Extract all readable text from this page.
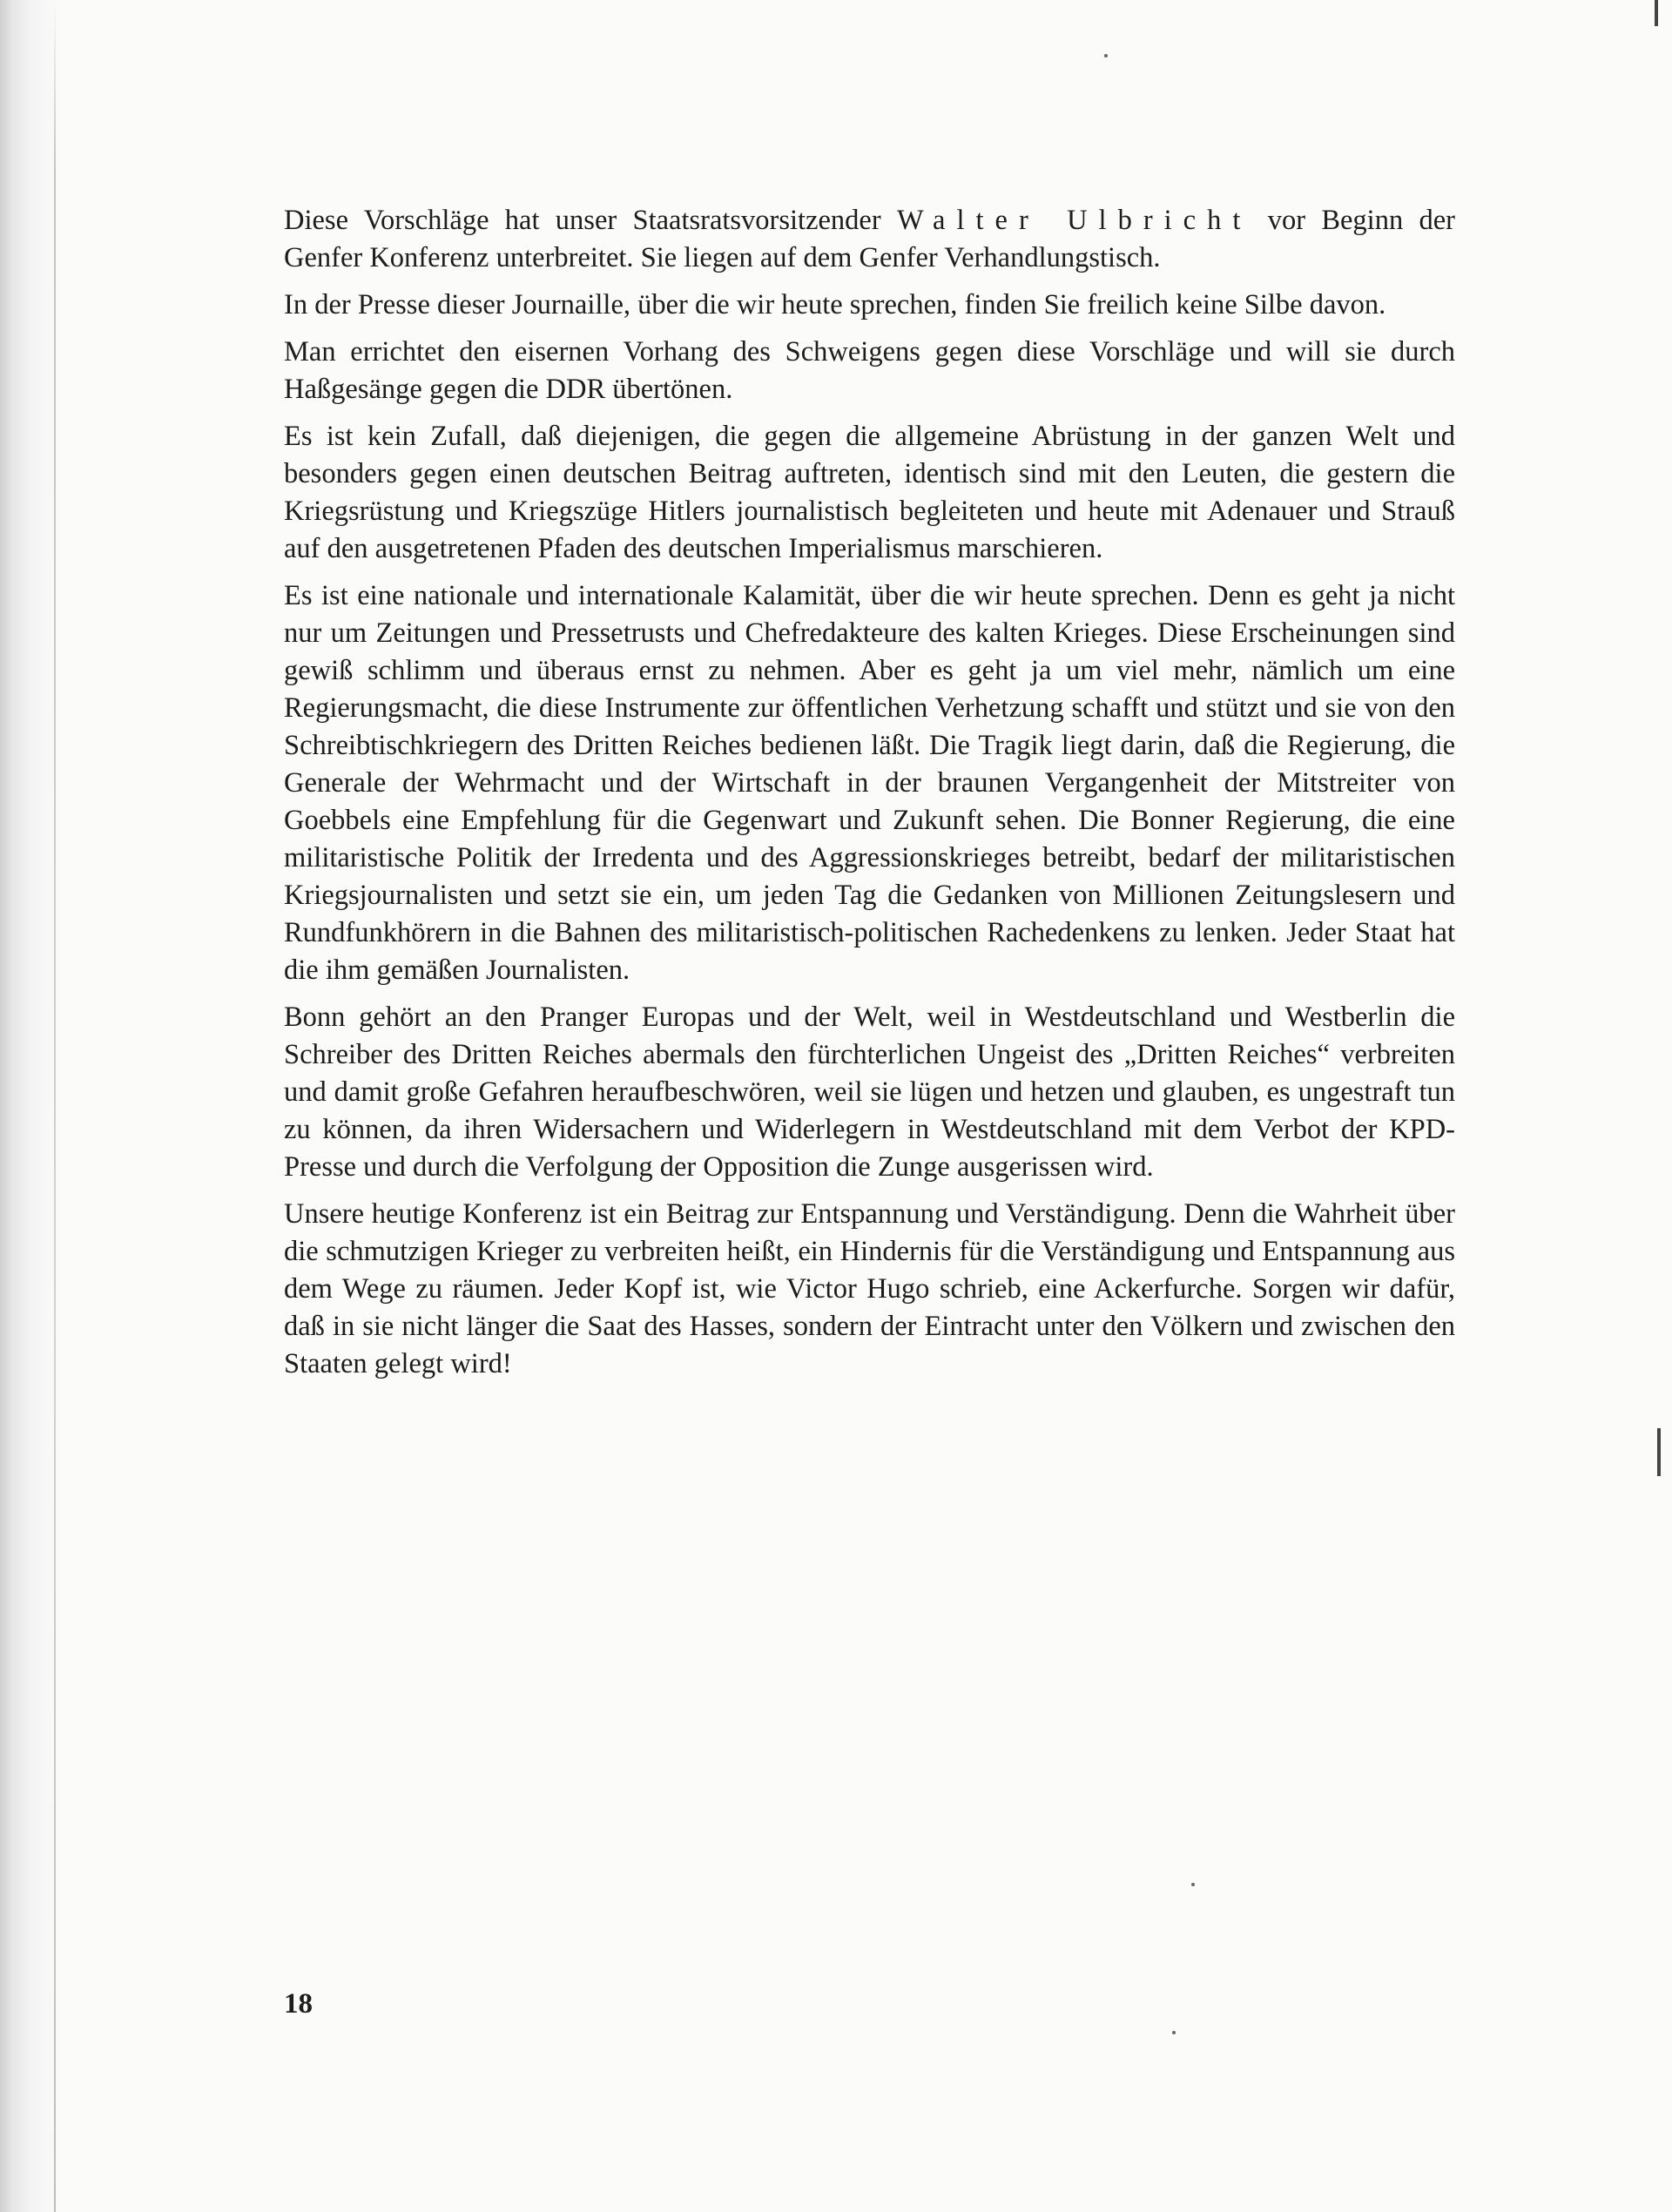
Diese Vorschläge hat unser Staatsratsvorsitzender Walter Ulbricht vor Beginn der Genfer Konferenz unterbreitet. Sie liegen auf dem Genfer Verhandlungstisch.

In der Presse dieser Journaille, über die wir heute sprechen, finden Sie freilich keine Silbe davon.

Man errichtet den eisernen Vorhang des Schweigens gegen diese Vorschläge und will sie durch Haßgesänge gegen die DDR übertönen.

Es ist kein Zufall, daß diejenigen, die gegen die allgemeine Abrüstung in der ganzen Welt und besonders gegen einen deutschen Beitrag auftreten, identisch sind mit den Leuten, die gestern die Kriegsrüstung und Kriegszüge Hitlers journalistisch begleiteten und heute mit Adenauer und Strauß auf den ausgetretenen Pfaden des deutschen Imperialismus marschieren.

Es ist eine nationale und internationale Kalamität, über die wir heute sprechen. Denn es geht ja nicht nur um Zeitungen und Pressetrusts und Chefredakteure des kalten Krieges. Diese Erscheinungen sind gewiß schlimm und überaus ernst zu nehmen. Aber es geht ja um viel mehr, nämlich um eine Regierungsmacht, die diese Instrumente zur öffentlichen Verhetzung schafft und stützt und sie von den Schreibtischkriegern des Dritten Reiches bedienen läßt. Die Tragik liegt darin, daß die Regierung, die Generale der Wehrmacht und der Wirtschaft in der braunen Vergangenheit der Mitstreiter von Goebbels eine Empfehlung für die Gegenwart und Zukunft sehen. Die Bonner Regierung, die eine militaristische Politik der Irredenta und des Aggressionskrieges betreibt, bedarf der militaristischen Kriegsjournalisten und setzt sie ein, um jeden Tag die Gedanken von Millionen Zeitungslesern und Rundfunkhörern in die Bahnen des militaristisch-politischen Rachedenkens zu lenken. Jeder Staat hat die ihm gemäßen Journalisten.

Bonn gehört an den Pranger Europas und der Welt, weil in Westdeutschland und Westberlin die Schreiber des Dritten Reiches abermals den fürchterlichen Ungeist des „Dritten Reiches“ verbreiten und damit große Gefahren heraufbeschwören, weil sie lügen und hetzen und glauben, es ungestraft tun zu können, da ihren Widersachern und Widerlegern in Westdeutschland mit dem Verbot der KPD-Presse und durch die Verfolgung der Opposition die Zunge ausgerissen wird.

Unsere heutige Konferenz ist ein Beitrag zur Entspannung und Verständigung. Denn die Wahrheit über die schmutzigen Krieger zu verbreiten heißt, ein Hindernis für die Verständigung und Entspannung aus dem Wege zu räumen. Jeder Kopf ist, wie Victor Hugo schrieb, eine Ackerfurche. Sorgen wir dafür, daß in sie nicht länger die Saat des Hasses, sondern der Eintracht unter den Völkern und zwischen den Staaten gelegt wird!

18
